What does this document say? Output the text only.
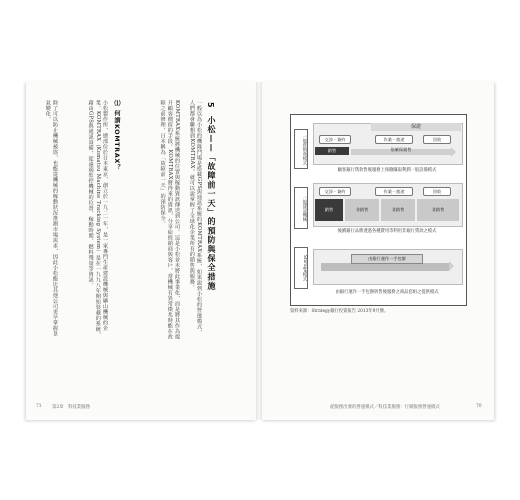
5
小松——「故障前一天」的預防與保全措施
一般以為小松的機隊鬥場是搭載GPS與通訊系統的KOMTRAX系統，如果說到小松的營運模式，人們都會聯想到KOMTRAX，就可以說掌握了全球化企業所有的銷售與服務。
KOMTRAX系統將機械的位置與稼動資訊傳送到公司。這是小松並未將此事業化，而是將其作為提升顧客價值的手段。KOMTRAX將得來的資訊，分享給經銷商與客戶，當機械有異常徵兆時能在故障之前修理，日本稱為「故障前一天」的預防保全。
⑴ 何謂KOMTRAX？
小松製作所，總部位於日本東京，創立於一九二一年，是一家專門生產建設機械與礦山機械的企業。KOMTRAX（Komatsu Machine Tracking System）是在一九九八年開始裝載的系統，藉由GPS與通訊設備，從遠端監控機械的位置、稼動時間、燃料殘量等資訊。
除了可以防止機械被盜，也能從機械的稼動狀況推測市場需求，因此小松能比其他公司更早掌握景氣變化。
一般經銷商模式
保證
交涉・簽約	作業・旅途	回收
銷售	依確保銷售
顧客銀行貸款售後服務上保險賺取利潤一般設備模式
一般建設機械
交涉・簽約	作業・旅途	回收
銷售	非銷售	非銷售	非銷售
後續銀行品牌透過各種費用等利用非銀行貸款之模式
Storage模式	由銀行運作一手包辦
由銀行運作一手包辦與售後服務之商品套組之提供模式
資料來源：Strategy銀行投資報告 2013年9月號。
71 第2章　科技業服務	從服務出發的營運模式／科技業服務：行銷服務營運模式	70
